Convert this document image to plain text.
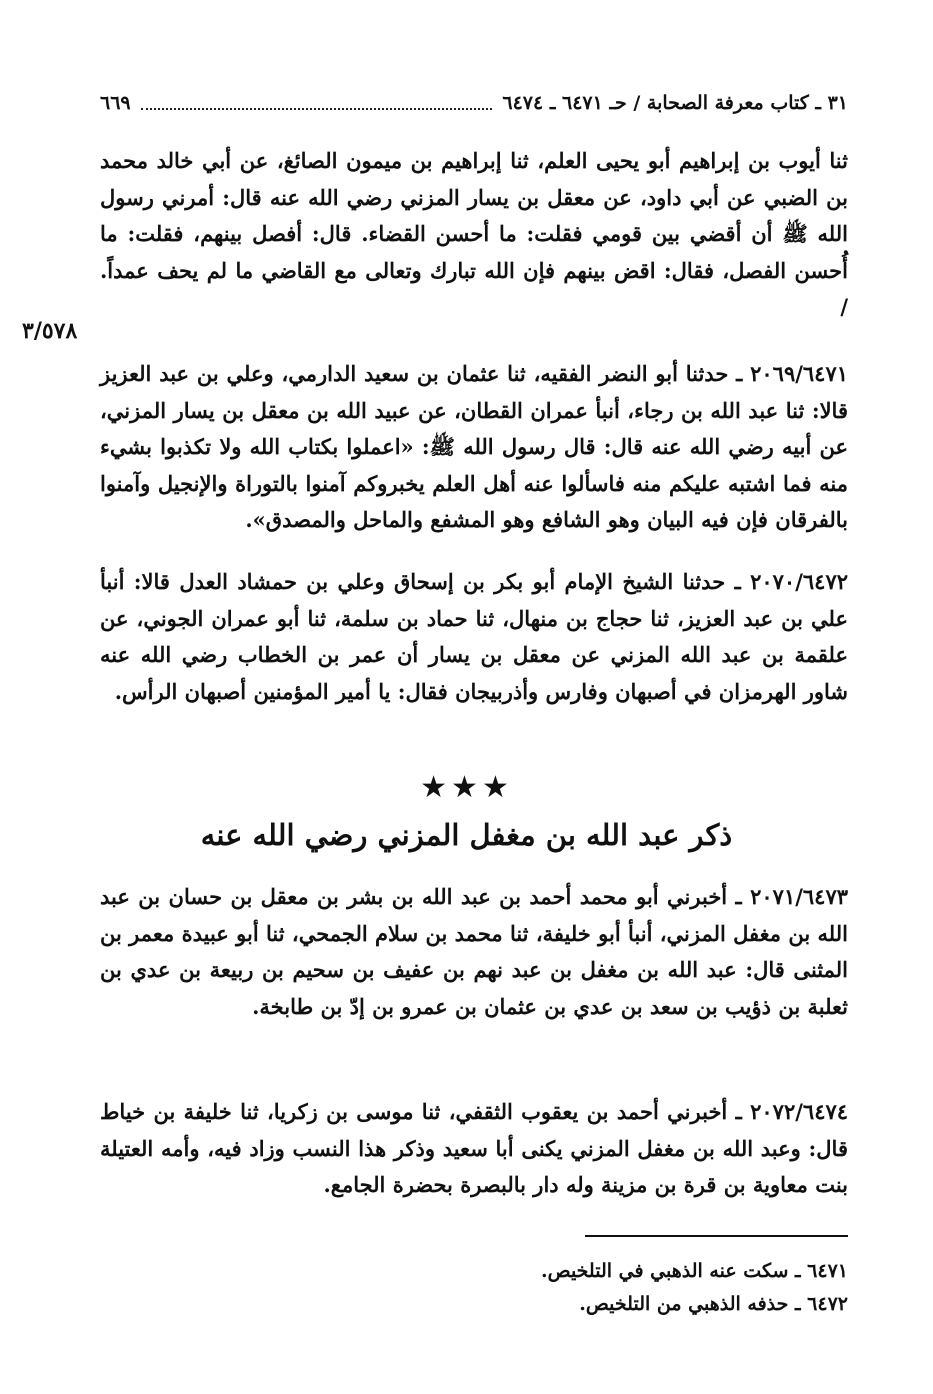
٣١ ـ كتاب معرفة الصحابة / حـ ٦٤٧١ ـ ٦٤٧٤
٦٦٩
٣/٥٧٨
ثنا أيوب بن إبراهيم أبو يحيى العلم، ثنا إبراهيم بن ميمون الصائغ، عن أبي خالد محمد بن الضبي عن أبي داود، عن معقل بن يسار المزني رضي الله عنه قال: أمرني رسول الله ﷺ أن أقضي بين قومي فقلت: ما أحسن القضاء. قال: أفصل بينهم، فقلت: ما أُحسن الفصل، فقال: اقض بينهم فإن الله تبارك وتعالى مع القاضي ما لم يحف عمداً. /
٢٠٦٩/٦٤٧١ ـ حدثنا أبو النضر الفقيه، ثنا عثمان بن سعيد الدارمي، وعلي بن عبد العزيز قالا: ثنا عبد الله بن رجاء، أنبأ عمران القطان، عن عبيد الله بن معقل بن يسار المزني، عن أبيه رضي الله عنه قال: قال رسول الله ﷺ: «اعملوا بكتاب الله ولا تكذبوا بشيء منه فما اشتبه عليكم منه فاسألوا عنه أهل العلم يخبروكم آمنوا بالتوراة والإنجيل وآمنوا بالفرقان فإن فيه البيان وهو الشافع وهو المشفع والماحل والمصدق».
٢٠٧٠/٦٤٧٢ ـ حدثنا الشيخ الإمام أبو بكر بن إسحاق وعلي بن حمشاد العدل قالا: أنبأ علي بن عبد العزيز، ثنا حجاج بن منهال، ثنا حماد بن سلمة، ثنا أبو عمران الجوني، عن علقمة بن عبد الله المزني عن معقل بن يسار أن عمر بن الخطاب رضي الله عنه شاور الهرمزان في أصبهان وفارس وأذربيجان فقال: يا أمير المؤمنين أصبهان الرأس.
★★★
ذكر عبد الله بن مغفل المزني رضي الله عنه
٢٠٧١/٦٤٧٣ ـ أخبرني أبو محمد أحمد بن عبد الله بن بشر بن معقل بن حسان بن عبد الله بن مغفل المزني، أنبأ أبو خليفة، ثنا محمد بن سلام الجمحي، ثنا أبو عبيدة معمر بن المثنى قال: عبد الله بن مغفل بن عبد نهم بن عفيف بن سحيم بن ربيعة بن عدي بن ثعلبة بن ذؤيب بن سعد بن عدي بن عثمان بن عمرو بن إدّ بن طابخة.
٢٠٧٢/٦٤٧٤ ـ أخبرني أحمد بن يعقوب الثقفي، ثنا موسى بن زكريا، ثنا خليفة بن خياط قال: وعبد الله بن مغفل المزني يكنى أبا سعيد وذكر هذا النسب وزاد فيه، وأمه العتيلة بنت معاوية بن قرة بن مزينة وله دار بالبصرة بحضرة الجامع.
٦٤٧١ ـ سكت عنه الذهبي في التلخيص.
٦٤٧٢ ـ حذفه الذهبي من التلخيص.
